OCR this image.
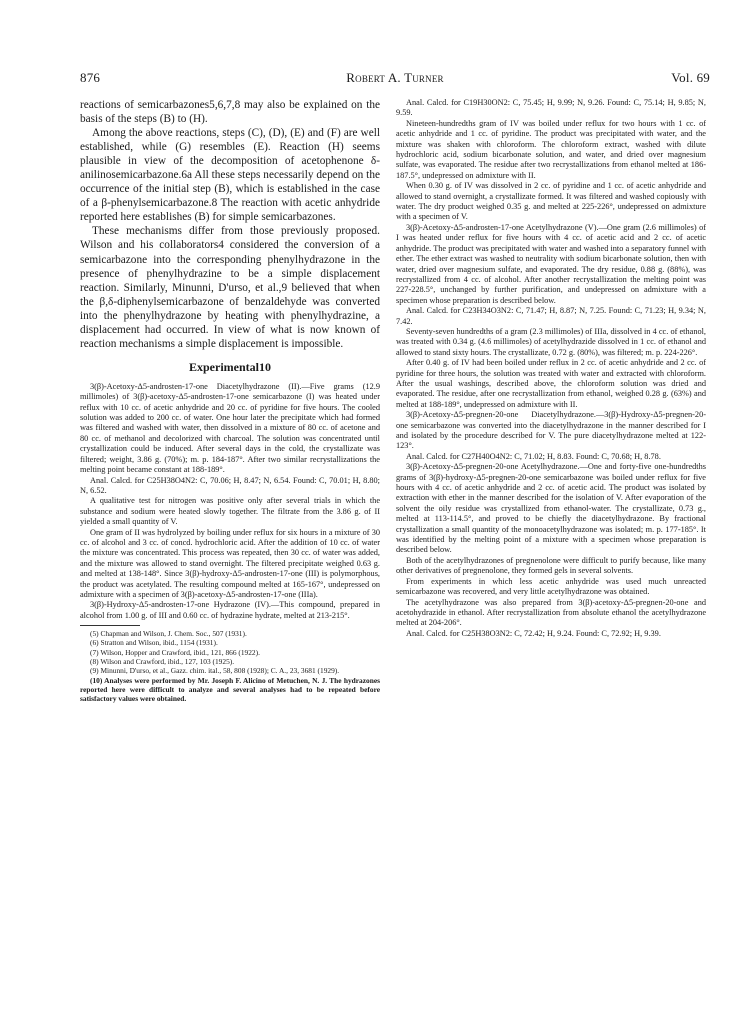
876	Robert A. Turner	Vol. 69

reactions of semicarbazones5,6,7,8 may also be explained on the basis of the steps (B) to (H).

Among the above reactions, steps (C), (D), (E) and (F) are well established, while (G) resembles (E). Reaction (H) seems plausible in view of the decomposition of acetophenone δ-anilinosemicarbazone.6a All these steps necessarily depend on the occurrence of the initial step (B), which is established in the case of a β-phenylsemicarbazone.8 The reaction with acetic anhydride reported here establishes (B) for simple semicarbazones.

These mechanisms differ from those previously proposed. Wilson and his collaborators4 considered the conversion of a semicarbazone into the corresponding phenylhydrazone in the presence of phenylhydrazine to be a simple displacement reaction. Similarly, Minunni, D'urso, et al.,9 believed that when the β,δ-diphenylsemicarbazone of benzaldehyde was converted into the phenylhydrazone by heating with phenylhydrazine, a displacement had occurred. In view of what is now known of reaction mechanisms a simple displacement is impossible.

Experimental10

3(β)-Acetoxy-Δ5-androsten-17-one Diacetylhydrazone (II).—Five grams (12.9 millimoles) of 3(β)-acetoxy-Δ5-androsten-17-one semicarbazone (I) was heated under reflux with 10 cc. of acetic anhydride and 20 cc. of pyridine for five hours. The cooled solution was added to 200 cc. of water. One hour later the precipitate which had formed was filtered and washed with water, then dissolved in a mixture of 80 cc. of acetone and 80 cc. of methanol and decolorized with charcoal. The solution was concentrated until crystallization could be induced. After several days in the cold, the crystallizate was filtered; weight, 3.86 g. (70%); m. p. 184-187°. After two similar recrystallizations the melting point became constant at 188-189°.

Anal. Calcd. for C25H38O4N2: C, 70.06; H, 8.47; N, 6.54. Found: C, 70.01; H, 8.80; N, 6.52.

A qualitative test for nitrogen was positive only after several trials in which the substance and sodium were heated slowly together. The filtrate from the 3.86 g. of II yielded a small quantity of V.

One gram of II was hydrolyzed by boiling under reflux for six hours in a mixture of 30 cc. of alcohol and 3 cc. of concd. hydrochloric acid. After the addition of 10 cc. of water the mixture was concentrated. This process was repeated, then 30 cc. of water was added, and the mixture was allowed to stand overnight. The filtered precipitate weighed 0.63 g. and melted at 138-148°. Since 3(β)-hydroxy-Δ5-androsten-17-one (III) is polymorphous, the product was acetylated. The resulting compound melted at 165-167°, undepressed on admixture with a specimen of 3(β)-acetoxy-Δ5-androsten-17-one (IIIa).

3(β)-Hydroxy-Δ5-androsten-17-one Hydrazone (IV).—This compound, prepared in alcohol from 1.00 g. of III and 0.60 cc. of hydrazine hydrate, melted at 213-215°.

(5) Chapman and Wilson, J. Chem. Soc., 507 (1931).

(6) Stratton and Wilson, ibid., 1154 (1931).

(7) Wilson, Hopper and Crawford, ibid., 121, 866 (1922).

(8) Wilson and Crawford, ibid., 127, 103 (1925).

(9) Minunni, D'urso, et al., Gazz. chim. ital., 58, 808 (1928); C. A., 23, 3681 (1929).

(10) Analyses were performed by Mr. Joseph F. Alicino of Metuchen, N. J. The hydrazones reported here were difficult to analyze and several analyses had to be repeated before satisfactory values were obtained.

Anal. Calcd. for C19H30ON2: C, 75.45; H, 9.99; N, 9.26. Found: C, 75.14; H, 9.85; N, 9.59.

Nineteen-hundredths gram of IV was boiled under reflux for two hours with 1 cc. of acetic anhydride and 1 cc. of pyridine. The product was precipitated with water, and the mixture was shaken with chloroform. The chloroform extract, washed with dilute hydrochloric acid, sodium bicarbonate solution, and water, and dried over magnesium sulfate, was evaporated. The residue after two recrystallizations from ethanol melted at 186-187.5°, undepressed on admixture with II.

When 0.30 g. of IV was dissolved in 2 cc. of pyridine and 1 cc. of acetic anhydride and allowed to stand overnight, a crystallizate formed. It was filtered and washed copiously with water. The dry product weighed 0.35 g. and melted at 225-226°, undepressed on admixture with a specimen of V.

3(β)-Acetoxy-Δ5-androsten-17-one Acetylhydrazone (V).—One gram (2.6 millimoles) of I was heated under reflux for five hours with 4 cc. of acetic acid and 2 cc. of acetic anhydride. The product was precipitated with water and washed into a separatory funnel with ether. The ether extract was washed to neutrality with sodium bicarbonate solution, then with water, dried over magnesium sulfate, and evaporated. The dry residue, 0.88 g. (88%), was recrystallized from 4 cc. of alcohol. After another recrystallization the melting point was 227-228.5°, unchanged by further purification, and undepressed on admixture with a specimen whose preparation is described below.

Anal. Calcd. for C23H34O3N2: C, 71.47; H, 8.87; N, 7.25. Found: C, 71.23; H, 9.34; N, 7.42.

Seventy-seven hundredths of a gram (2.3 millimoles) of IIIa, dissolved in 4 cc. of ethanol, was treated with 0.34 g. (4.6 millimoles) of acetylhydrazide dissolved in 1 cc. of ethanol and allowed to stand sixty hours. The crystallizate, 0.72 g. (80%), was filtered; m. p. 224-226°.

After 0.40 g. of IV had been boiled under reflux in 2 cc. of acetic anhydride and 2 cc. of pyridine for three hours, the solution was treated with water and extracted with chloroform. After the usual washings, described above, the chloroform solution was dried and evaporated. The residue, after one recrystallization from ethanol, weighed 0.28 g. (63%) and melted at 188-189°, undepressed on admixture with II.

3(β)-Acetoxy-Δ5-pregnen-20-one Diacetylhydrazone.—3(β)-Hydroxy-Δ5-pregnen-20-one semicarbazone was converted into the diacetylhydrazone in the manner described for I and isolated by the procedure described for V. The pure diacetylhydrazone melted at 122-123°.

Anal. Calcd. for C27H40O4N2: C, 71.02; H, 8.83. Found: C, 70.68; H, 8.78.

3(β)-Acetoxy-Δ5-pregnen-20-one Acetylhydrazone.—One and forty-five one-hundredths grams of 3(β)-hydroxy-Δ5-pregnen-20-one semicarbazone was boiled under reflux for five hours with 4 cc. of acetic anhydride and 2 cc. of acetic acid. The product was isolated by extraction with ether in the manner described for the isolation of V. After evaporation of the solvent the oily residue was crystallized from ethanol-water. The crystallizate, 0.73 g., melted at 113-114.5°, and proved to be chiefly the diacetylhydrazone. By fractional crystallization a small quantity of the monoacetylhydrazone was isolated; m. p. 177-185°. It was identified by the melting point of a mixture with a specimen whose preparation is described below.

Both of the acetylhydrazones of pregnenolone were difficult to purify because, like many other derivatives of pregnenolone, they formed gels in several solvents.

From experiments in which less acetic anhydride was used much unreacted semicarbazone was recovered, and very little acetylhydrazone was obtained.

The acetylhydrazone was also prepared from 3(β)-acetoxy-Δ5-pregnen-20-one and acetohydrazide in ethanol. After recrystallization from absolute ethanol the acetylhydrazone melted at 204-206°.

Anal. Calcd. for C25H38O3N2: C, 72.42; H, 9.24. Found: C, 72.92; H, 9.39.
